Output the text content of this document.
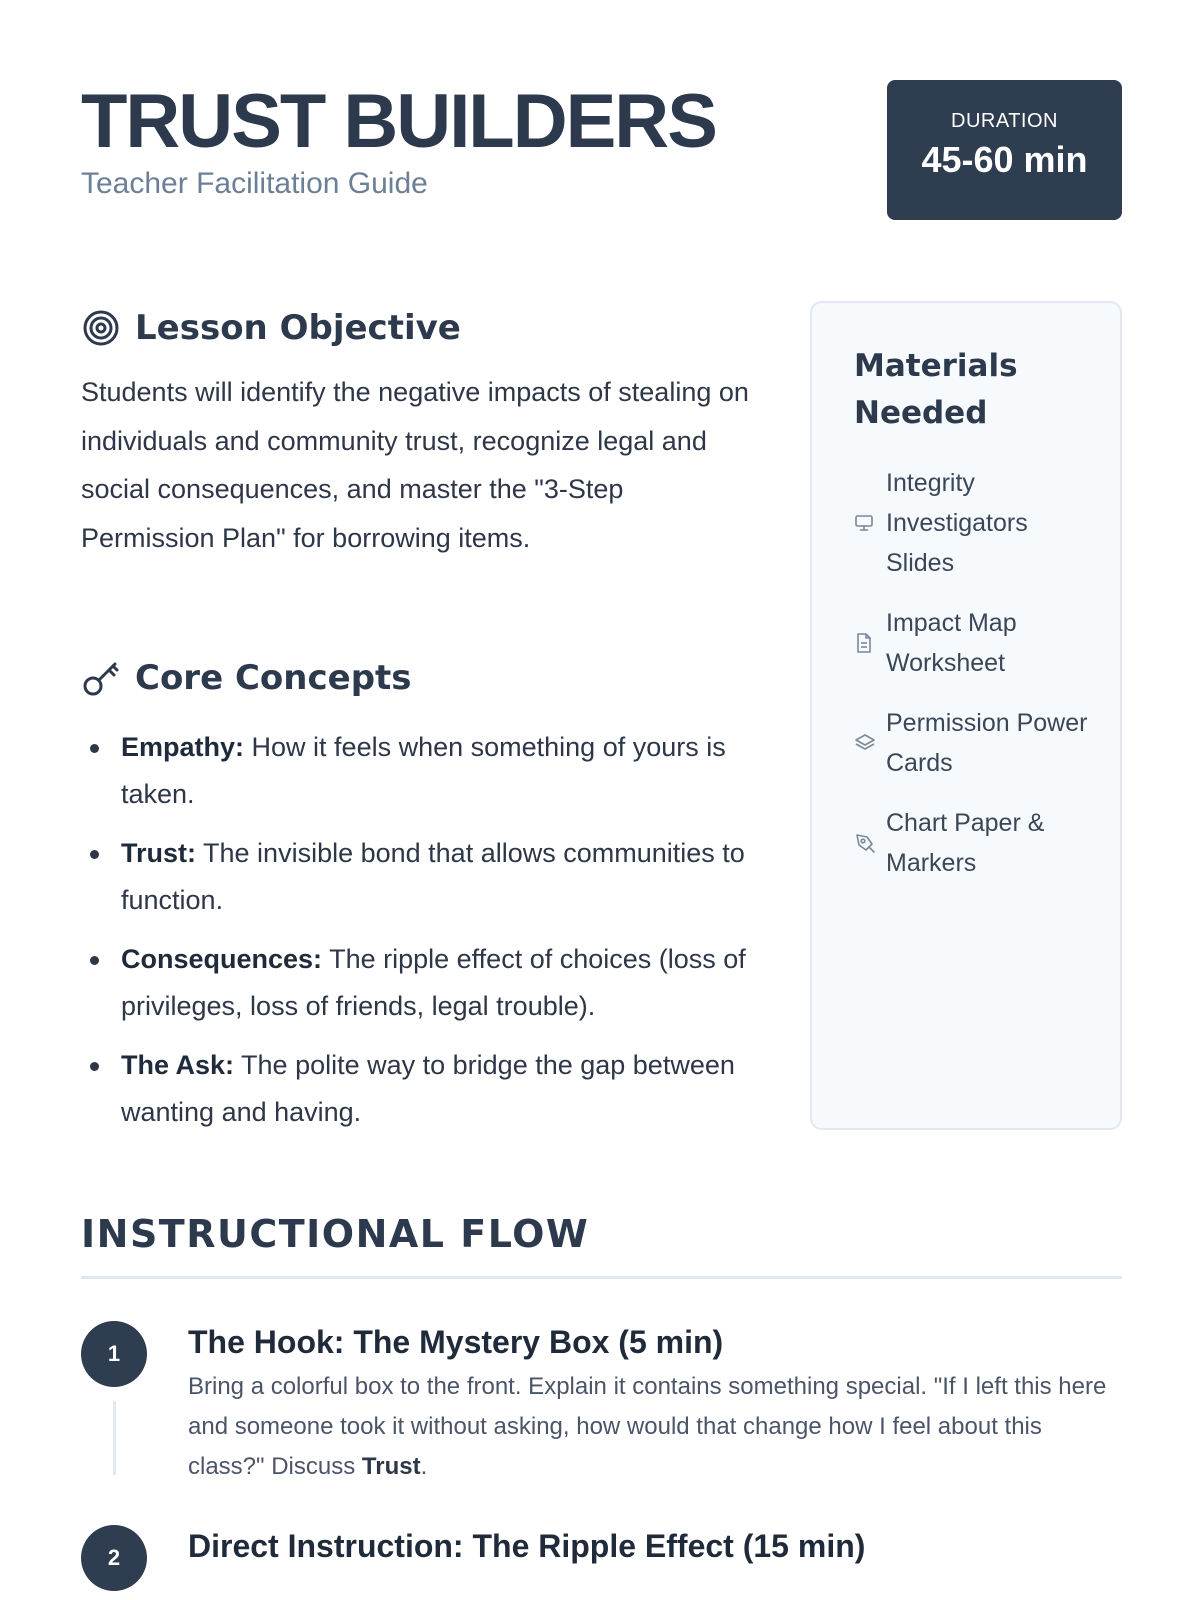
TRUST BUILDERS
Teacher Facilitation Guide
DURATION
45-60 min
Lesson Objective

Students will identify the negative impacts of stealing on individuals and community trust, recognize legal and social consequences, and master the "3-Step Permission Plan" for borrowing items.

Core Concepts
Empathy: How it feels when something of yours is taken.
Trust: The invisible bond that allows communities to function.
Consequences: The ripple effect of choices (loss of privileges, loss of friends, legal trouble).
The Ask: The polite way to bridge the gap between wanting and having.
Materials Needed
Integrity Investigators Slides
Impact Map Worksheet
Permission Power Cards
Chart Paper & Markers
INSTRUCTIONAL FLOW
1	The Hook: The Mystery Box (5 min)
Bring a colorful box to the front. Explain it contains something special. "If I left this here and someone took it without asking, how would that change how I feel about this class?" Discuss Trust.
2	Direct Instruction: The Ripple Effect (15 min)
